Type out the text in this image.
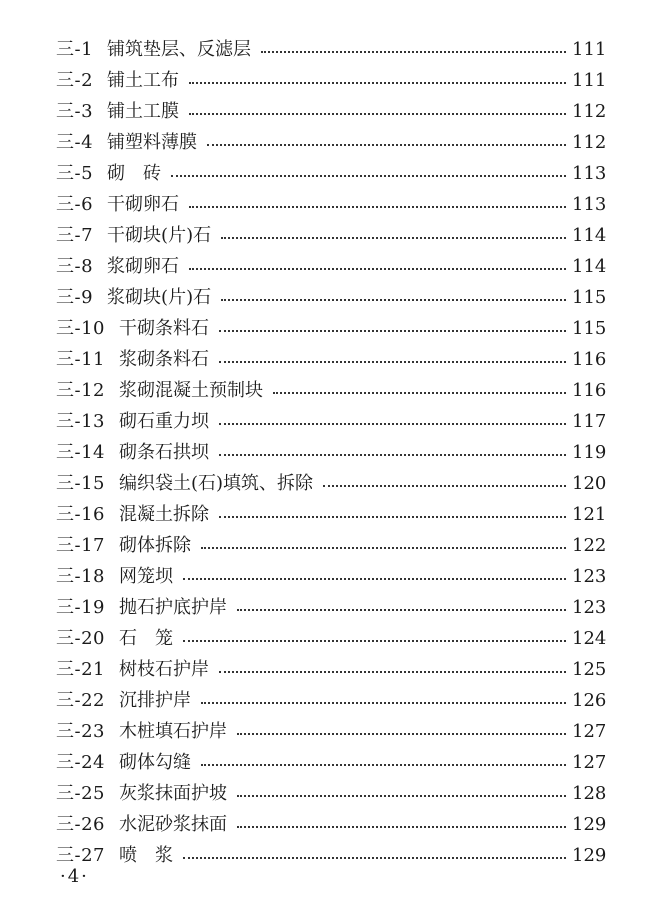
三-1 铺筑垫层、反滤层	111
三-2 铺土工布	111
三-3 铺土工膜	112
三-4 铺塑料薄膜	112
三-5 砌　砖	113
三-6 干砌卵石	113
三-7 干砌块(片)石	114
三-8 浆砌卵石	114
三-9 浆砌块(片)石	115
三-10 干砌条料石	115
三-11 浆砌条料石	116
三-12 浆砌混凝土预制块	116
三-13 砌石重力坝	117
三-14 砌条石拱坝	119
三-15 编织袋土(石)填筑、拆除	120
三-16 混凝土拆除	121
三-17 砌体拆除	122
三-18 网笼坝	123
三-19 抛石护底护岸	123
三-20 石　笼	124
三-21 树枝石护岸	125
三-22 沉排护岸	126
三-23 木桩填石护岸	127
三-24 砌体勾缝	127
三-25 灰浆抹面护坡	128
三-26 水泥砂浆抹面	129
三-27 喷　浆	129
·4·
